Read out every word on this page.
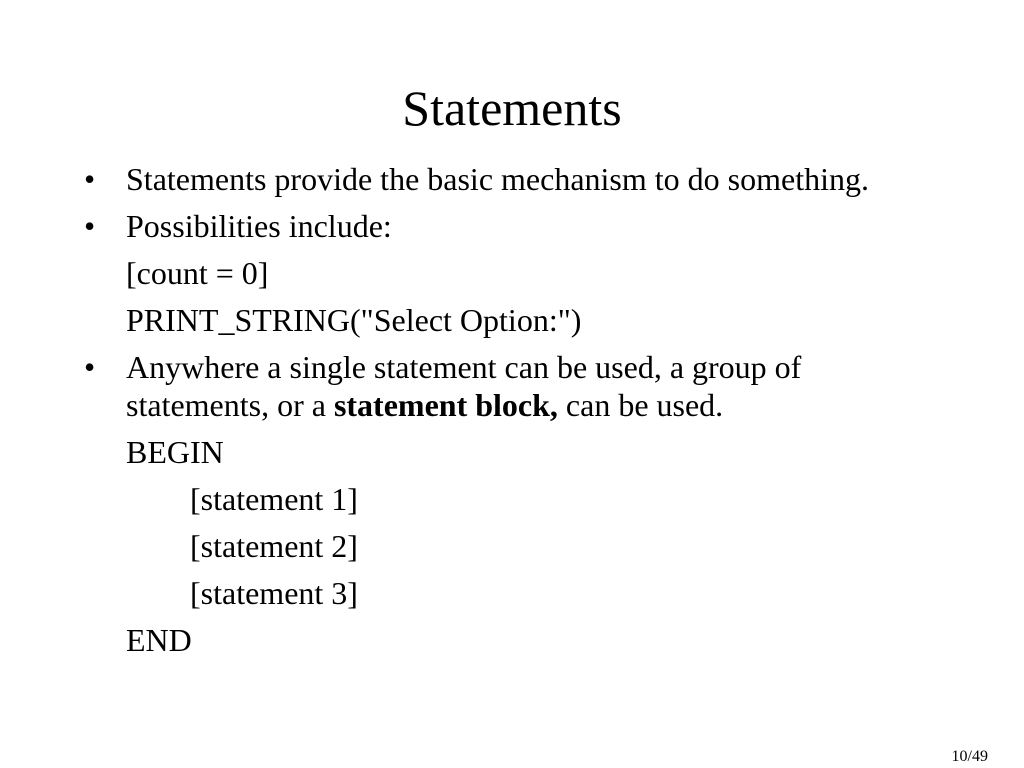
Statements
• Statements provide the basic mechanism to do something.
• Possibilities include:
[count = 0]
PRINT_STRING("Select Option:")
• Anywhere a single statement can be used, a group of statements, or a statement block, can be used.
BEGIN
[statement 1]
[statement 2]
[statement 3]
END
10/49
